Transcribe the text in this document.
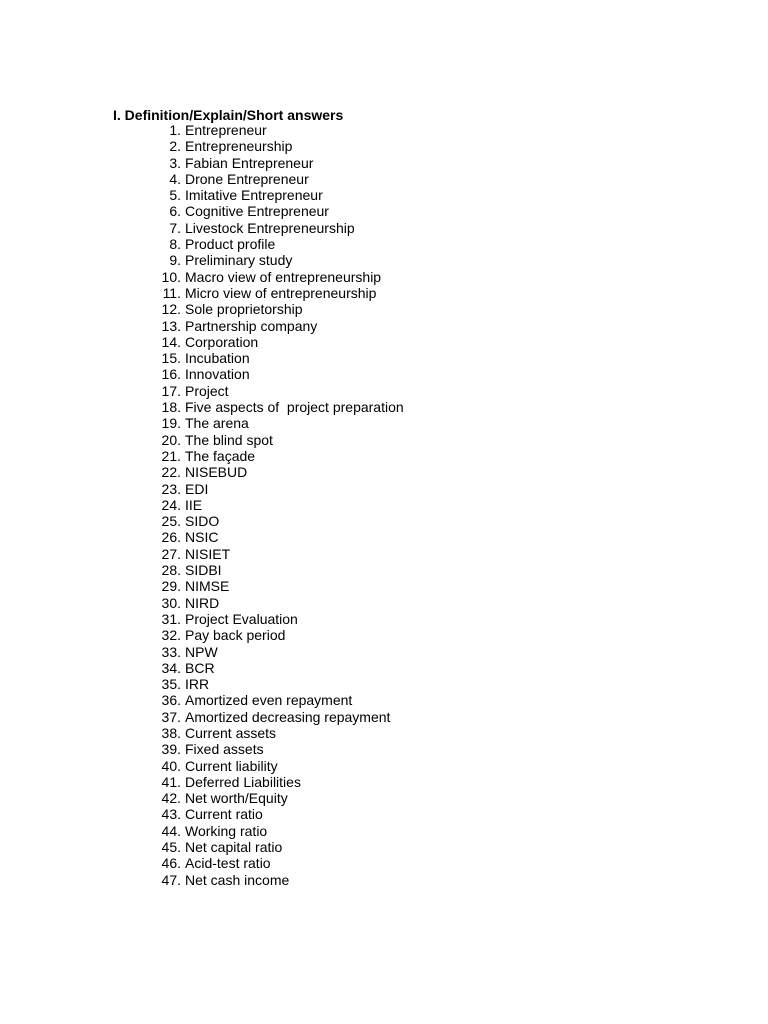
I. Definition/Explain/Short answers
1. Entrepreneur
2. Entrepreneurship
3. Fabian Entrepreneur
4. Drone Entrepreneur
5. Imitative Entrepreneur
6. Cognitive Entrepreneur
7. Livestock Entrepreneurship
8. Product profile
9. Preliminary study
10. Macro view of entrepreneurship
11. Micro view of entrepreneurship
12. Sole proprietorship
13. Partnership company
14. Corporation
15. Incubation
16. Innovation
17. Project
18. Five aspects of  project preparation
19. The arena
20. The blind spot
21. The façade
22. NISEBUD
23. EDI
24. IIE
25. SIDO
26. NSIC
27. NISIET
28. SIDBI
29. NIMSE
30. NIRD
31. Project Evaluation
32. Pay back period
33. NPW
34. BCR
35. IRR
36. Amortized even repayment
37. Amortized decreasing repayment
38. Current assets
39. Fixed assets
40. Current liability
41. Deferred Liabilities
42. Net worth/Equity
43. Current ratio
44. Working ratio
45. Net capital ratio
46. Acid-test ratio
47. Net cash income
